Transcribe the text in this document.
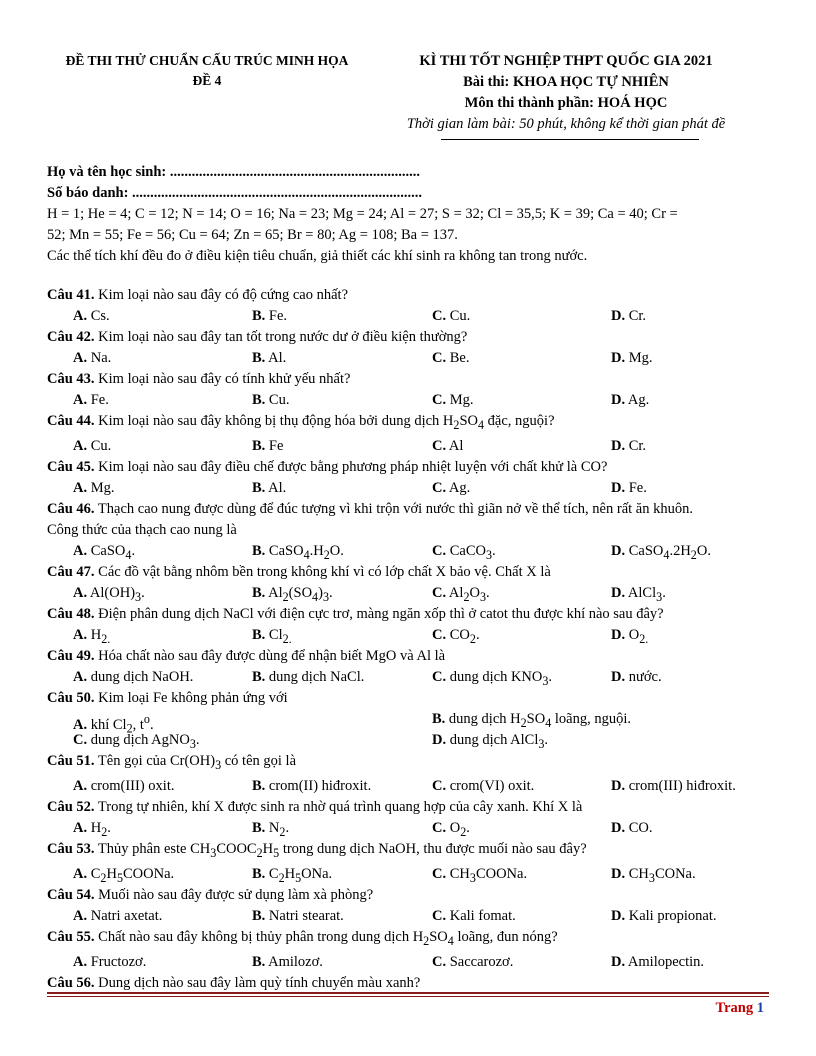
ĐỀ THI THỬ CHUẨN CẤU TRÚC MINH HỌA
ĐỀ 4
KÌ THI TỐT NGHIỆP THPT QUỐC GIA 2021
Bài thi: KHOA HỌC TỰ NHIÊN
Môn thi thành phần: HOÁ HỌC
Thời gian làm bài: 50 phút, không kể thời gian phát đề
Họ và tên học sinh: .....................................................................
Số báo danh: ................................................................................
H = 1; He = 4; C = 12; N = 14; O = 16; Na = 23; Mg = 24; Al = 27; S = 32; Cl = 35,5; K = 39; Ca = 40; Cr =
52; Mn = 55; Fe = 56; Cu = 64; Zn = 65; Br = 80; Ag = 108; Ba = 137.
Các thể tích khí đều đo ở điều kiện tiêu chuẩn, giả thiết các khí sinh ra không tan trong nước.
Câu 41. Kim loại nào sau đây có độ cứng cao nhất?
A. Cs.	B. Fe.	C. Cu.	D. Cr.
Câu 42. Kim loại nào sau đây tan tốt trong nước dư ở điều kiện thường?
A. Na.	B. Al.	C. Be.	D. Mg.
Câu 43. Kim loại nào sau đây có tính khử yếu nhất?
A. Fe.	B. Cu.	C. Mg.	D. Ag.
Câu 44. Kim loại nào sau đây không bị thụ động hóa bởi dung dịch $H_2SO_4$ đặc, nguội?
A. Cu.	B. Fe	C. Al	D. Cr.
Câu 45. Kim loại nào sau đây điều chế được bằng phương pháp nhiệt luyện với chất khử là CO?
A. Mg.	B. Al.	C. Ag.	D. Fe.
Câu 46. Thạch cao nung được dùng để đúc tượng vì khi trộn với nước thì giãn nở về thể tích, nên rất ăn khuôn.
Công thức của thạch cao nung là
A. CaSO$_4$.	B. $CaSO_4.H_2O$.	C. CaCO$_3$.	D. $CaSO_4.2H_2O$.
Câu 47. Các đồ vật bằng nhôm bền trong không khí vì có lớp chất X bảo vệ. Chất X là
A. $Al(OH)_3$.	B. $Al_2(SO_4)_3$.	C. $Al_2O_3$.	D. AlCl$_3$.
Câu 48. Điện phân dung dịch NaCl với điện cực trơ, màng ngăn xốp thì ở catot thu được khí nào sau đây?
A. $H_{2.}$	B. $Cl_{2.}$	C. $CO_2$.	D. $O_{2.}$
Câu 49. Hóa chất nào sau đây được dùng để nhận biết MgO và Al là
A. dung dịch NaOH.	B. dung dịch NaCl.	C. dung dịch $KNO_3$.	D. nước.
Câu 50. Kim loại Fe không phản ứng với
A. khí $Cl_2$, $t^o$.	B. dung dịch $H_2SO_4$ loãng, nguội.
C. dung dịch AgNO$_3$.	D. dung dịch AlCl$_3$.
Câu 51. Tên gọi của $Cr(OH)_3$ có tên gọi là
A. crom(III) oxit.	B. crom(II) hiđroxit.	C. crom(VI) oxit.	D. crom(III) hiđroxit.
Câu 52. Trong tự nhiên, khí X được sinh ra nhờ quá trình quang hợp của cây xanh. Khí X là
A. $H_2$.	B. $N_2$.	C. $O_2$.	D. CO.
Câu 53. Thủy phân este $CH_3COOC_2H_5$ trong dung dịch NaOH, thu được muối nào sau đây?
A. $C_2H_5COONa$.	B. $C_2H_5ONa$.	C. $CH_3COONa$.	D. $CH_3CONa$.
Câu 54. Muối nào sau đây được sử dụng làm xà phòng?
A. Natri axetat.	B. Natri stearat.	C. Kali fomat.	D. Kali propionat.
Câu 55. Chất nào sau đây không bị thủy phân trong dung dịch $H_2SO_4$ loãng, đun nóng?
A. Fructozơ.	B. Amilozơ.	C. Saccarozơ.	D. Amilopectin.
Câu 56. Dung dịch nào sau đây làm quỳ tính chuyển màu xanh?
Trang 1
